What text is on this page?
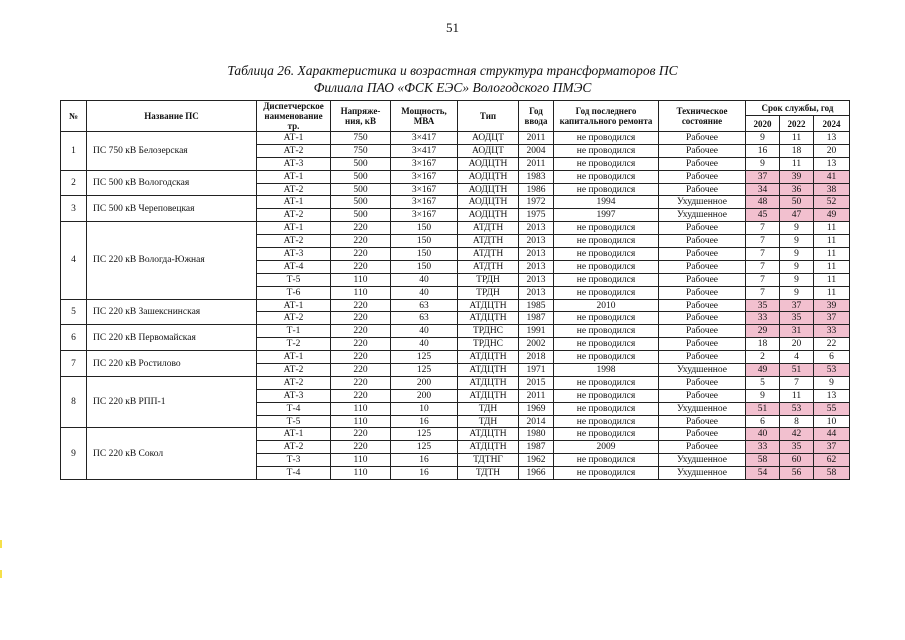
51
Таблица 26. Характеристика и возрастная структура трансформаторов ПС
Филиала ПАО «ФСК ЕЭС» Вологодского ПМЭС
№	Название ПС	Диспетчерское наименование тр.	Напряже-ния, кВ	Мощность, МВА	Тип	Год ввода	Год последнего капитального ремонта	Техническое состояние	Срок службы, год		
									2020	2022	2024
1	ПС 750 кВ Белозерская	АТ-1	750	3×417	АОДЦТ	2011	не проводился	Рабочее	9	11	13
		АТ-2	750	3×417	АОДЦТ	2004	не проводился	Рабочее	16	18	20
		АТ-3	500	3×167	АОДЦТН	2011	не проводился	Рабочее	9	11	13
2	ПС 500 кВ Вологодская	АТ-1	500	3×167	АОДЦТН	1983	не проводился	Рабочее	37	39	41
		АТ-2	500	3×167	АОДЦТН	1986	не проводился	Рабочее	34	36	38
3	ПС 500 кВ Череповецкая	АТ-1	500	3×167	АОДЦТН	1972	1994	Ухудшенное	48	50	52
		АТ-2	500	3×167	АОДЦТН	1975	1997	Ухудшенное	45	47	49
4	ПС 220 кВ Вологда-Южная	АТ-1	220	150	АТДТН	2013	не проводился	Рабочее	7	9	11
		АТ-2	220	150	АТДТН	2013	не проводился	Рабочее	7	9	11
		АТ-3	220	150	АТДТН	2013	не проводился	Рабочее	7	9	11
		АТ-4	220	150	АТДТН	2013	не проводился	Рабочее	7	9	11
		Т-5	110	40	ТРДН	2013	не проводился	Рабочее	7	9	11
		Т-6	110	40	ТРДН	2013	не проводился	Рабочее	7	9	11
5	ПС 220 кВ Зашекснинская	АТ-1	220	63	АТДЦТН	1985	2010	Рабочее	35	37	39
		АТ-2	220	63	АТДЦТН	1987	не проводился	Рабочее	33	35	37
6	ПС 220 кВ Первомайская	Т-1	220	40	ТРДНС	1991	не проводился	Рабочее	29	31	33
		Т-2	220	40	ТРДНС	2002	не проводился	Рабочее	18	20	22
7	ПС 220 кВ Ростилово	АТ-1	220	125	АТДЦТН	2018	не проводился	Рабочее	2	4	6
		АТ-2	220	125	АТДЦТН	1971	1998	Ухудшенное	49	51	53
8	ПС 220 кВ РПП-1	АТ-2	220	200	АТДЦТН	2015	не проводился	Рабочее	5	7	9
		АТ-3	220	200	АТДЦТН	2011	не проводился	Рабочее	9	11	13
		Т-4	110	10	ТДН	1969	не проводился	Ухудшенное	51	53	55
		Т-5	110	16	ТДН	2014	не проводился	Рабочее	6	8	10
9	ПС 220 кВ Сокол	АТ-1	220	125	АТДЦТН	1980	не проводился	Рабочее	40	42	44
		АТ-2	220	125	АТДЦТН	1987	2009	Рабочее	33	35	37
		Т-3	110	16	ТДТНГ	1962	не проводился	Ухудшенное	58	60	62
		Т-4	110	16	ТДТН	1966	не проводился	Ухудшенное	54	56	58
